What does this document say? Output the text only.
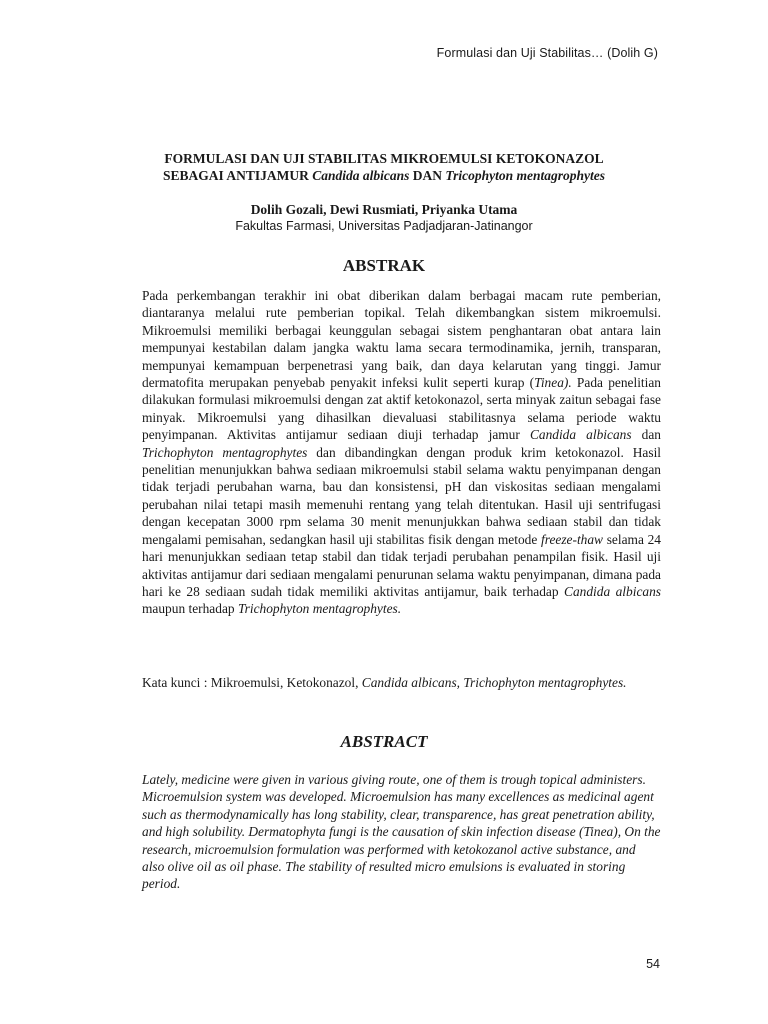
Formulasi dan Uji Stabilitas… (Dolih G)
FORMULASI DAN UJI STABILITAS MIKROEMULSI KETOKONAZOL
SEBAGAI ANTIJAMUR Candida albicans DAN Tricophyton mentagrophytes
Dolih Gozali, Dewi Rusmiati, Priyanka Utama
Fakultas Farmasi, Universitas Padjadjaran-Jatinangor
ABSTRAK

Pada perkembangan terakhir ini obat diberikan dalam berbagai macam rute pemberian, diantaranya melalui rute pemberian topikal. Telah dikembangkan sistem mikroemulsi. Mikroemulsi memiliki berbagai keunggulan sebagai sistem penghantaran obat antara lain mempunyai kestabilan dalam jangka waktu lama secara termodinamika, jernih, transparan, mempunyai kemampuan berpenetrasi yang baik, dan daya kelarutan yang tinggi. Jamur dermatofita merupakan penyebab penyakit infeksi kulit seperti kurap (Tinea). Pada penelitian dilakukan formulasi mikroemulsi dengan zat aktif ketokonazol, serta minyak zaitun sebagai fase minyak. Mikroemulsi yang dihasilkan dievaluasi stabilitasnya selama periode waktu penyimpanan. Aktivitas antijamur sediaan diuji terhadap jamur Candida albicans dan Trichophyton mentagrophytes dan dibandingkan dengan produk krim ketokonazol. Hasil penelitian menunjukkan bahwa sediaan mikroemulsi stabil selama waktu penyimpanan dengan tidak terjadi perubahan warna, bau dan konsistensi, pH dan viskositas sediaan mengalami perubahan nilai tetapi masih memenuhi rentang yang telah ditentukan. Hasil uji sentrifugasi dengan kecepatan 3000 rpm selama 30 menit menunjukkan bahwa sediaan stabil dan tidak mengalami pemisahan, sedangkan hasil uji stabilitas fisik dengan metode freeze-thaw selama 24 hari menunjukkan sediaan tetap stabil dan tidak terjadi perubahan penampilan fisik. Hasil uji aktivitas antijamur dari sediaan mengalami penurunan selama waktu penyimpanan, dimana pada hari ke 28 sediaan sudah tidak memiliki aktivitas antijamur, baik terhadap Candida albicans maupun terhadap Trichophyton mentagrophytes.

Kata kunci : Mikroemulsi, Ketokonazol, Candida albicans, Trichophyton mentagrophytes.

ABSTRACT

Lately, medicine were given in various giving route, one of them is trough topical administers. Microemulsion system was developed. Microemulsion has many excellences as medicinal agent such as thermodynamically has long stability, clear, transparence, has great penetration ability, and high solubility. Dermatophyta fungi is the causation of skin infection disease (Tinea), On the research, microemulsion formulation was performed with ketokozanol active substance, and also olive oil as oil phase. The stability of resulted micro emulsions is evaluated in storing period.

54
